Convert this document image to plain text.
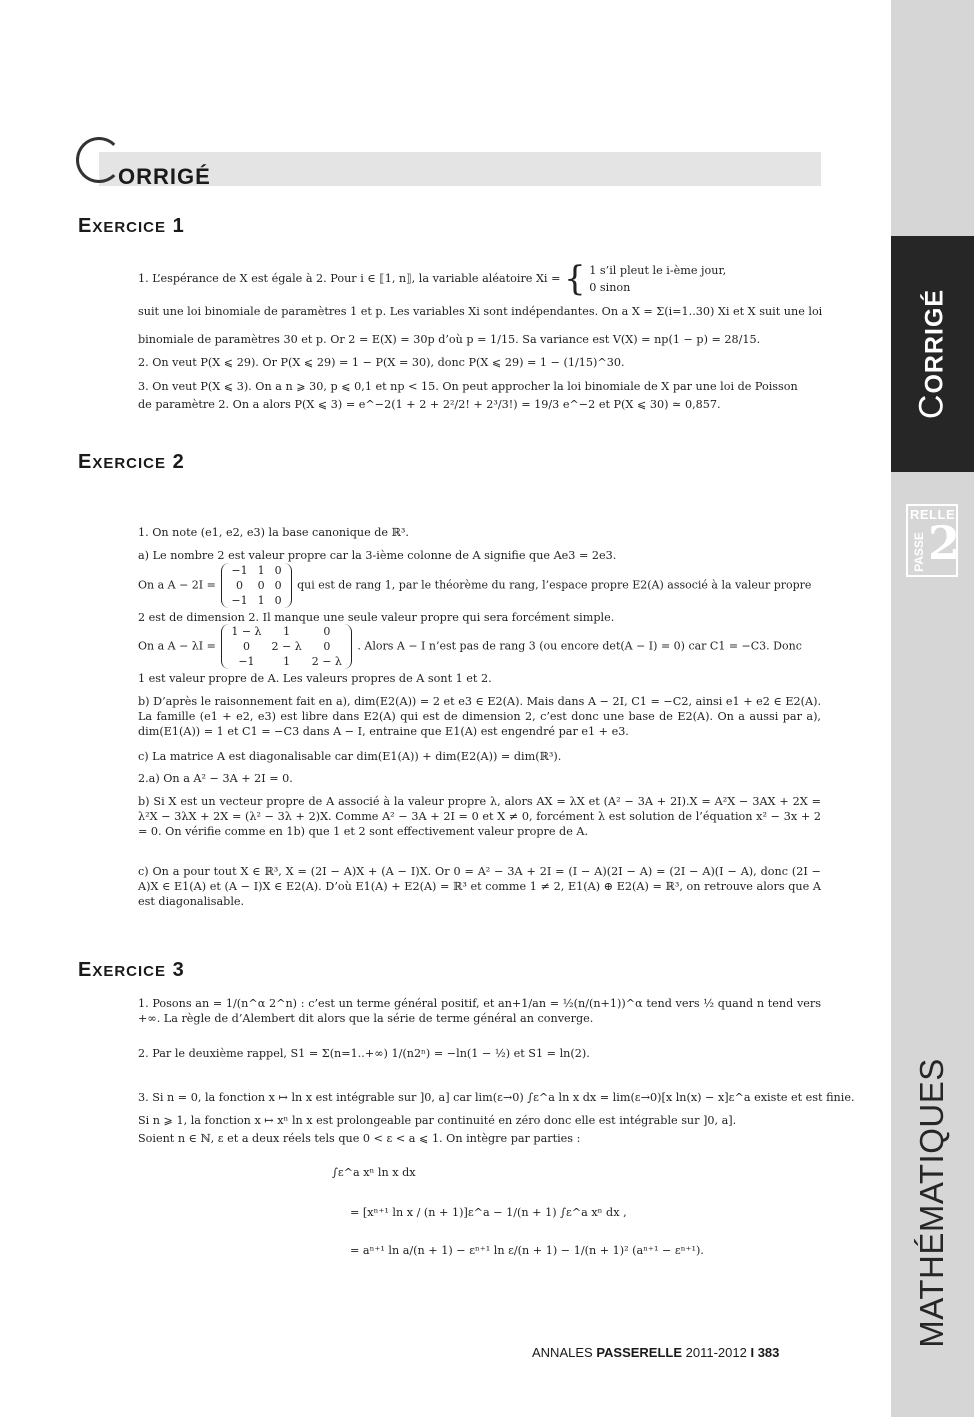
CORRIGÉ
RELLE
PASSE 2
MATHÉMATIQUES
ORRIGÉ
EXERCICE 1
1. L’espérance de X est égale à 2. Pour i ∈ ⟦1, n⟧, la variable aléatoire Xi = { 1 s’il pleut le i-ème jour,
0 sinon
suit une loi binomiale de paramètres 1 et p. Les variables Xi sont indépendantes. On a X = Σ(i=1..30) Xi et X suit une loi
binomiale de paramètres 30 et p. Or 2 = E(X) = 30p d’où p = 1/15. Sa variance est V(X) = np(1 − p) = 28/15.
2. On veut P(X ⩽ 29). Or P(X ⩽ 29) = 1 − P(X = 30), donc P(X ⩽ 29) = 1 − (1/15)^30.
3. On veut P(X ⩽ 3). On a n ⩾ 30, p ⩽ 0,1 et np < 15. On peut approcher la loi binomiale de X par une loi de Poisson
de paramètre 2. On a alors P(X ⩽ 3) = e^−2(1 + 2 + 2²/2! + 2³/3!) = 19/3 e^−2 et P(X ⩽ 30) ≃ 0,857.
EXERCICE 2
1. On note (e1, e2, e3) la base canonique de ℝ³.
a) Le nombre 2 est valeur propre car la 3-ième colonne de A signifie que Ae3 = 2e3.
On a A − 2I =
−1	1	0
0	0	0
−1	1	0
qui est de rang 1, par le théorème du rang, l’espace propre E2(A) associé à la valeur propre
2 est de dimension 2. Il manque une seule valeur propre qui sera forcément simple.
On a A − λI =
1 − λ	1	0
0	2 − λ	0
−1	1	2 − λ
. Alors A − I n’est pas de rang 3 (ou encore det(A − I) = 0) car C1 = −C3. Donc
1 est valeur propre de A. Les valeurs propres de A sont 1 et 2.
b) D’après le raisonnement fait en a), dim(E2(A)) = 2 et e3 ∈ E2(A). Mais dans A − 2I, C1 = −C2, ainsi e1 + e2 ∈ E2(A). La famille (e1 + e2, e3) est libre dans E2(A) qui est de dimension 2, c’est donc une base de E2(A). On a aussi par a), dim(E1(A)) = 1 et C1 = −C3 dans A − I, entraine que E1(A) est engendré par e1 + e3.
c) La matrice A est diagonalisable car dim(E1(A)) + dim(E2(A)) = dim(ℝ³).
2.a) On a A² − 3A + 2I = 0.
b) Si X est un vecteur propre de A associé à la valeur propre λ, alors AX = λX et (A² − 3A + 2I).X = A²X − 3AX + 2X = λ²X − 3λX + 2X = (λ² − 3λ + 2)X. Comme A² − 3A + 2I = 0 et X ≠ 0, forcément λ est solution de l’équation x² − 3x + 2 = 0. On vérifie comme en 1b) que 1 et 2 sont effectivement valeur propre de A.
c) On a pour tout X ∈ ℝ³, X = (2I − A)X + (A − I)X. Or 0 = A² − 3A + 2I = (I − A)(2I − A) = (2I − A)(I − A), donc (2I − A)X ∈ E1(A) et (A − I)X ∈ E2(A). D’où E1(A) + E2(A) = ℝ³ et comme 1 ≠ 2, E1(A) ⊕ E2(A) = ℝ³, on retrouve alors que A est diagonalisable.
EXERCICE 3
1. Posons an = 1/(n^α 2^n) : c’est un terme général positif, et an+1/an = ½(n/(n+1))^α tend vers ½ quand n tend vers +∞. La règle de d’Alembert dit alors que la série de terme général an converge.
2. Par le deuxième rappel, S1 = Σ(n=1..+∞) 1/(n2ⁿ) = −ln(1 − ½) et S1 = ln(2).
3. Si n = 0, la fonction x ↦ ln x est intégrable sur ]0, a] car lim(ε→0) ∫ε^a ln x dx = lim(ε→0)[x ln(x) − x]ε^a existe et est finie.
Si n ⩾ 1, la fonction x ↦ xⁿ ln x est prolongeable par continuité en zéro donc elle est intégrable sur ]0, a].
Soient n ∈ ℕ, ε et a deux réels tels que 0 < ε < a ⩽ 1. On intègre par parties :
∫ε^a xⁿ ln x dx
= [xⁿ⁺¹ ln x / (n + 1)]ε^a − 1/(n + 1) ∫ε^a xⁿ dx ,
= aⁿ⁺¹ ln a/(n + 1) − εⁿ⁺¹ ln ε/(n + 1) − 1/(n + 1)² (aⁿ⁺¹ − εⁿ⁺¹).
ANNALES PASSERELLE 2011-2012 I 383
